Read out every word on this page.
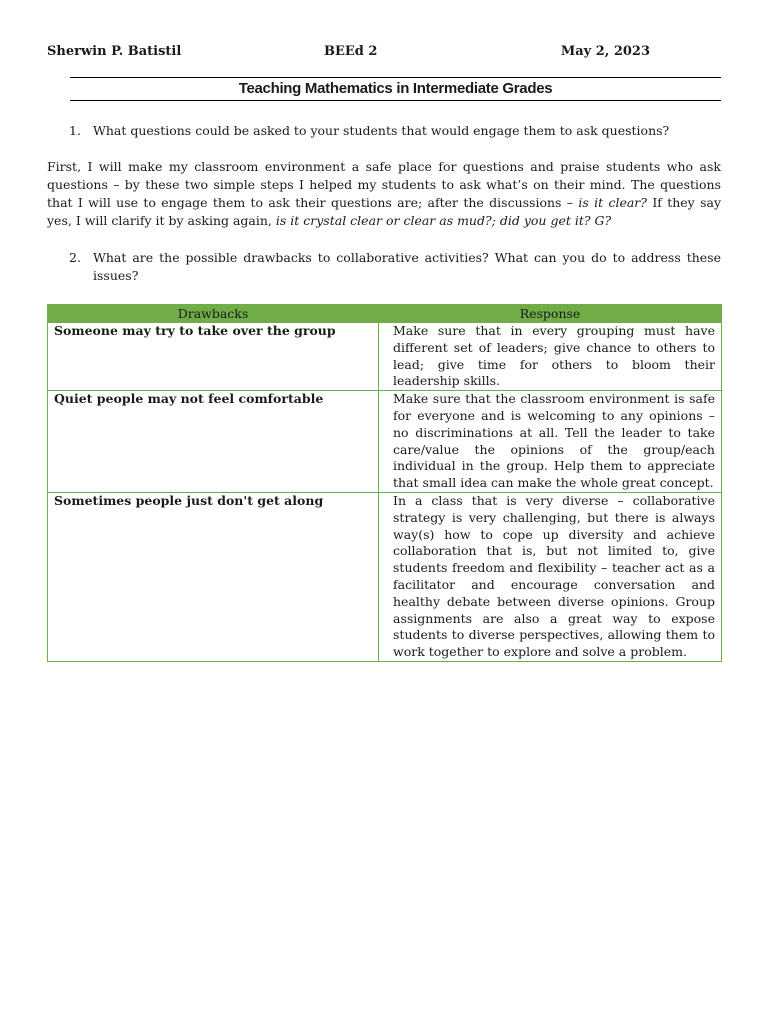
Sherwin P. Batistil	BEEd 2	May 2, 2023
Teaching Mathematics in Intermediate Grades
1. What questions could be asked to your students that would engage them to ask questions?
First, I will make my classroom environment a safe place for questions and praise students who ask questions – by these two simple steps I helped my students to ask what’s on their mind. The questions that I will use to engage them to ask their questions are; after the discussions – is it clear? If they say yes, I will clarify it by asking again, is it crystal clear or clear as mud?; did you get it? G?
2. What are the possible drawbacks to collaborative activities? What can you do to address these issues?
Drawbacks	Response
Someone may try to take over the group	Make sure that in every grouping must have different set of leaders; give chance to others to lead; give time for others to bloom their leadership skills.

Quiet people may not feel comfortable	Make sure that the classroom environment is safe for everyone and is welcoming to any opinions – no discriminations at all. Tell the leader to take care/value the opinions of the group/each individual in the group. Help them to appreciate that small idea can make the whole great concept.

Sometimes people just don't get along	In a class that is very diverse – collaborative strategy is very challenging, but there is always way(s) how to cope up diversity and achieve collaboration that is, but not limited to, give students freedom and flexibility – teacher act as a facilitator and encourage conversation and healthy debate between diverse opinions. Group assignments are also a great way to expose students to diverse perspectives, allowing them to work together to explore and solve a problem.
